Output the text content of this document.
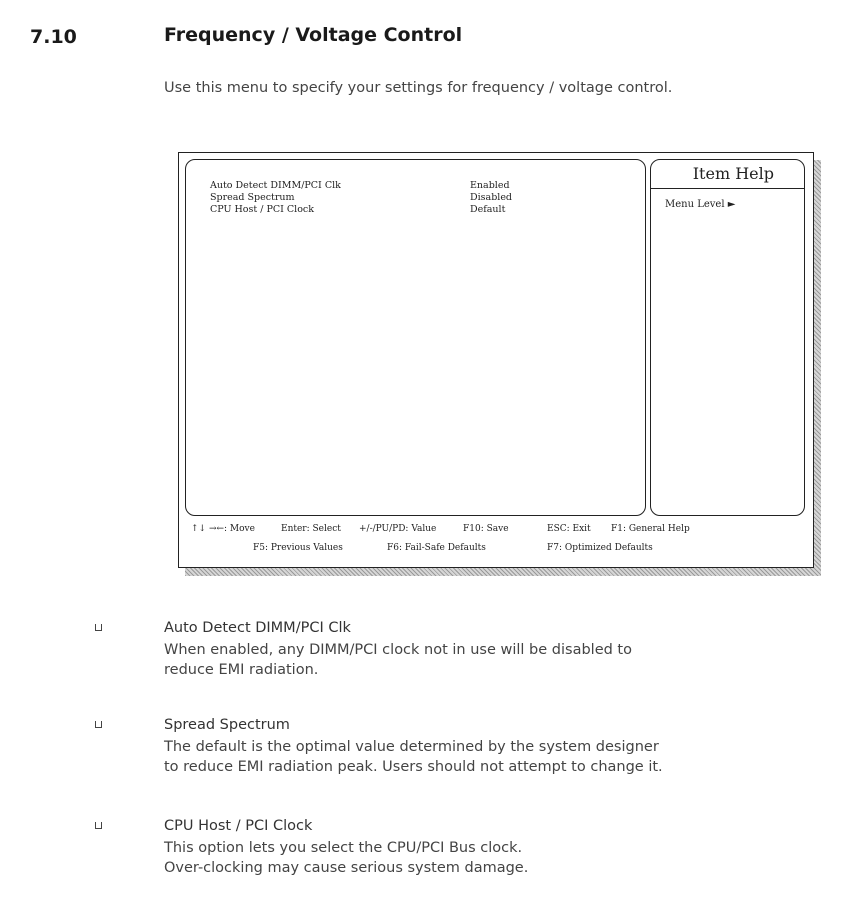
7.10	Frequency / Voltage Control
Use this menu to specify your settings for frequency / voltage control.
Auto Detect DIMM/PCI Clk	Enabled
Spread Spectrum	Disabled
CPU Host / PCI Clock	Default
Item Help
Menu Level ►
↑↓ →←: Move	Enter: Select +/-/PU/PD: Value	F10: Save	ESC: Exit F1: General Help
F5: Previous Values	F6: Fail-Safe Defaults	F7: Optimized Defaults
Auto Detect DIMM/PCI Clk
When enabled, any DIMM/PCI clock not in use will be disabled to
reduce EMI radiation.
Spread Spectrum
The default is the optimal value determined by the system designer
to reduce EMI radiation peak. Users should not attempt to change it.
CPU Host / PCI Clock
This option lets you select the CPU/PCI Bus clock.
Over-clocking may cause serious system damage.
